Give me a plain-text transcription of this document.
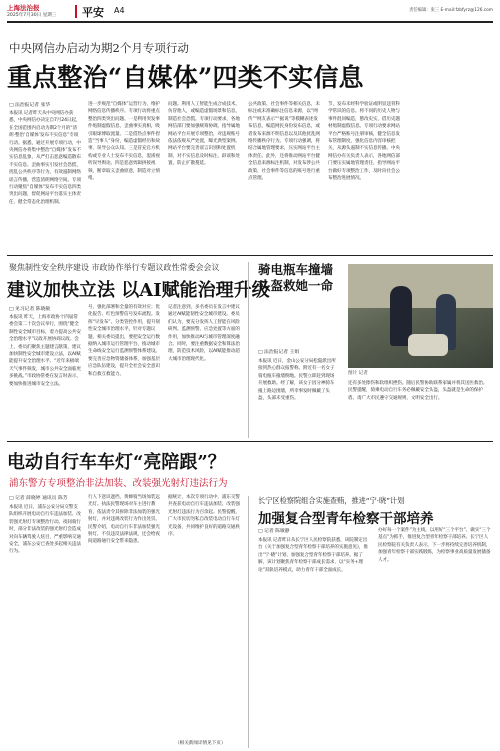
上海法治报
2025年7月30日 星期三 平安 A4	责任编辑：张三 E-mail:fzbfyrz@126.com
中央网信办启动为期2个月专项行动
重点整治“自媒体”四类不实信息
□ 法治报记者 张华
本报讯 记者昨天从中央网信办获悉，中央网信办决定自7月24日起，在全国范围内启动为期2个月的“清朗·整治‘自媒体’发布不实信息”专项行动。据悉，通过开展专项行动，中央网信办将集中整治“自媒体”发布不实信息乱象，从严打击恶意编造散布不实信息、歪曲事实引发社会恐慌、扰乱公共秩序等行为，有效遏制网络谣言传播，营造清朗网络空间。专项行动聚焦“自媒体”发布不实信息四类突出问题，督促网站平台落实主体责任，健全常态化治理机制。
进一步规范“自媒体”运营行为，维护网络信息传播秩序。专项行动将重点整治四类突出问题。一是利用突发事件炮制虚假信息，歪曲事实真相，吸引眼球博取流量。二是借热点事件捏造“当事人”身份，编造虚假经历和故事，误导公众认知。三是冒充官方机构或专业人士发布不实信息，混淆视听误导舆论。四是恶意剪辑拼接视频，断章取义歪曲原意，制造对立情绪。
问题。利用人工智能生成合成技术，仿冒他人，或编造虚假场景和信息，制造社会恐慌。专项行动要求，各地网信部门要加强统筹协调，指导属地网站平台开展专项整治，对违规账号依法依规从严处置，曝光典型案例。网站平台要完善谣言识别和处置机制，对不实信息及时标注、辟谣和处置，防止扩散蔓延。
公共政策、社会事件等相关信息，未标注或未准确标注信息来源，以“网传”“网友表示”“据说”等模糊表述发布信息，编造网民身份发布信息，或者发布来源不明信息以及其他扰乱网络传播秩序行为。专项行动强调，将结合属地管理要求，压实网站平台主体责任。此外，还将推动网站平台健全信息来源标注机制，对发布涉公共政策、社会事件等信息的账号进行重点管理。
节，发布未经科学验证或明显违背科学常识的信息。将不同的历史人物与事件混同编造，篡改史实，借历史题材炮制虚假信息。专项行动要求网站平台严格账号注册审核，健全信息发布管理制度，强化信息内容审核把关，从源头遏制不实信息传播。中央网信办有关负责人表示，各地网信部门要压实属地管理责任，指导网站平台做好专项整治工作，及时向社会公布整治进展情况。
聚焦制性安全秩序建设 市政协作举行专题议政性常委会会议
建议加快立法 以AI赋能治理升级
□ 见习记者 陈晓敏
本报讯 昨天，上海市政协十四届常委会第二十次会议举行，围绕“健全制性安全城市目标，着力提高公共安全治理水平”议政开展协商议政。会上，委员们聚焦主题建言献策，建议加快制性安全城市建设立法，以AI赋能提升安全治理水平。“近年来极端天气事件频发，城市公共安全面临更多挑战。”市政协常委在发言时表示，要加快推进城市安全立法。
号，强化部署和全量的有效对应；优化报告、红色预警信号发布流程。发挥“早发布”、分类管控作用，提升韧性安全城市治理水平。针对专题议题，相关委员提出，要把安全运行数据纳入城市运行管理平台，推动城市生命线安全运行监测预警体系建设。要完善应急物资储备体系，加强基层应急队伍建设，提升全社会安全意识和自救互救能力。
记者注意到，多名委员在发言中建议通过AI赋能韧性安全城市建设。委员们认为，要充分发挥人工智能在风险研判、监测预警、应急处置等方面的作用，加快推动AI与城市管理深度融合。同时，要注重数据安全和算法治理，防范技术风险，以AI赋能推动超大城市治理现代化。
骑电瓶车撞墙 头盔救她一命
□ 法治报记者 王娟
图片 记者
本报讯 近日，金山公安分局松隐派出所接到热心群众报警称，附近有一名女子骑电瓶车撞墙倒地。民警立即赶到现场开展救助。经了解，该女子因分神骑车撞上路边围墙，所幸事发时佩戴了头盔，头部未受重伤。
还有多处擦伤和软组织挫伤。随后民警协助联系家属并将其送医救治。民警提醒，骑乘电动自行车务必佩戴安全头盔，头盔就是生命的保护盾。请广大市民遵守交通规则，文明安全出行。
电动自行车车灯“亮陪跟”？
浦东警方专项整治非法加装、改装强光射灯违法行为
□ 记者 薛晓婷 通讯员 陈芳
本报讯 近日，浦东公安分局交警支队组织开展电动自行车违法加装、改装强光射灯专项整治行动。夜间骑行时，部分非法改装的强光射灯会造成对向车辆驾驶人炫目，严重影响交通安全，浦东公安已查处多起相关违法行为。
行人下意识遮挡，黄婶骑当场加装远光灯。执法民警现场对车主进行教育，依法责令其拆除非法加装的强光射灯，并对违规改装行为作出处罚。民警介绍，电动自行车非法加装强光射灯，不仅违反法律法规，还会给夜间道路通行安全带来隐患。
据统计，本次专项行动中，浦东交警共查获电动自行车违法加装、改装强光射灯违法行为百余起。民警提醒，广大市民切勿私自改装电动自行车灯光设备，共同维护良好的道路交通秩序。
（相关新闻详情见下页）
长宁区检察院组合实施查贿，推进“宁·晓”计划
加强复合型青年检察干部培养
□ 记者 陈敏静
本报讯 记者昨日从长宁区人民检察院获悉，该院制定出台《关于加强复合型青年检察干部培养的实施意见》，推出“宁·晓”计划，加强复合型青年检察干部培养。据了解，该计划聚焦青年检察干部成长需求，以“实务+理论”双轨培养模式，助力青年干部全面成长。
办好每一个案件”为主线，以用好“三个平台”、做实“三个基点”为抓手，推进复合型青年检察干部培养。长宁区人民检察院有关负责人表示，下一步将持续完善培养机制，加强青年检察干部实践锻炼，为检察事业高质量发展储备人才。
